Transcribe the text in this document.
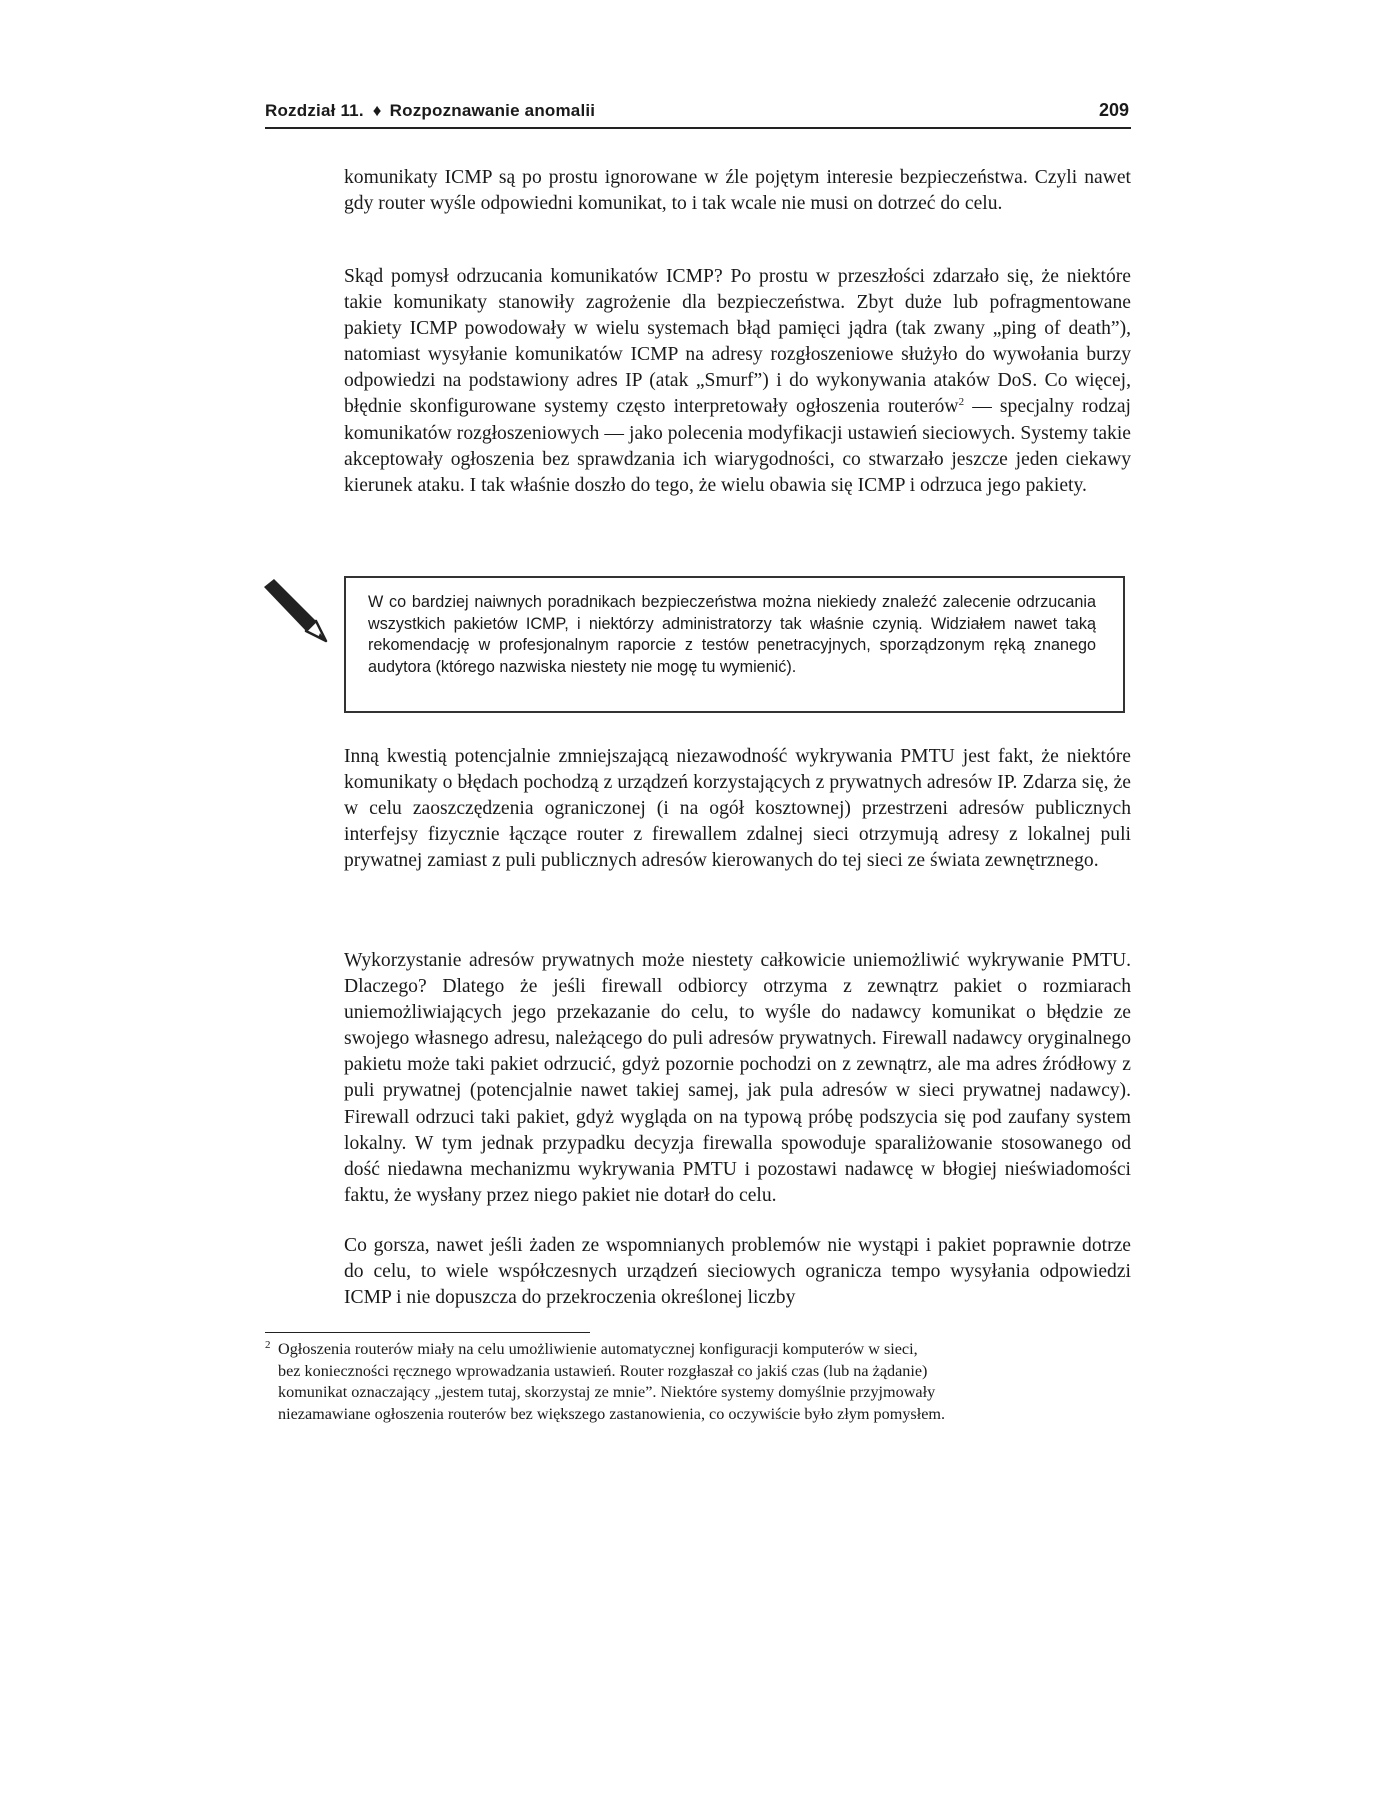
Rozdział 11. ♦ Rozpoznawanie anomalii	209

komunikaty ICMP są po prostu ignorowane w źle pojętym interesie bezpieczeństwa. Czyli nawet gdy router wyśle odpowiedni komunikat, to i tak wcale nie musi on dotrzeć do celu.

Skąd pomysł odrzucania komunikatów ICMP? Po prostu w przeszłości zdarzało się, że niektóre takie komunikaty stanowiły zagrożenie dla bezpieczeństwa. Zbyt duże lub pofragmentowane pakiety ICMP powodowały w wielu systemach błąd pamięci jądra (tak zwany „ping of death”), natomiast wysyłanie komunikatów ICMP na adresy rozgłoszeniowe służyło do wywołania burzy odpowiedzi na podstawiony adres IP (atak „Smurf”) i do wykonywania ataków DoS. Co więcej, błędnie skonfigurowane systemy często interpretowały ogłoszenia routerów$^2$ — specjalny rodzaj komunikatów rozgłoszeniowych — jako polecenia modyfikacji ustawień sieciowych. Systemy takie akceptowały ogłoszenia bez sprawdzania ich wiarygodności, co stwarzało jeszcze jeden ciekawy kierunek ataku. I tak właśnie doszło do tego, że wielu obawia się ICMP i odrzuca jego pakiety.

W co bardziej naiwnych poradnikach bezpieczeństwa można niekiedy znaleźć zalecenie odrzucania wszystkich pakietów ICMP, i niektórzy administratorzy tak właśnie czynią. Widziałem nawet taką rekomendację w profesjonalnym raporcie z testów penetracyjnych, sporządzonym ręką znanego audytora (którego nazwiska niestety nie mogę tu wymienić).

Inną kwestią potencjalnie zmniejszającą niezawodność wykrywania PMTU jest fakt, że niektóre komunikaty o błędach pochodzą z urządzeń korzystających z prywatnych adresów IP. Zdarza się, że w celu zaoszczędzenia ograniczonej (i na ogół kosztownej) przestrzeni adresów publicznych interfejsy fizycznie łączące router z firewallem zdalnej sieci otrzymują adresy z lokalnej puli prywatnej zamiast z puli publicznych adresów kierowanych do tej sieci ze świata zewnętrznego.

Wykorzystanie adresów prywatnych może niestety całkowicie uniemożliwić wykrywanie PMTU. Dlaczego? Dlatego że jeśli firewall odbiorcy otrzyma z zewnątrz pakiet o rozmiarach uniemożliwiających jego przekazanie do celu, to wyśle do nadawcy komunikat o błędzie ze swojego własnego adresu, należącego do puli adresów prywatnych. Firewall nadawcy oryginalnego pakietu może taki pakiet odrzucić, gdyż pozornie pochodzi on z zewnątrz, ale ma adres źródłowy z puli prywatnej (potencjalnie nawet takiej samej, jak pula adresów w sieci prywatnej nadawcy). Firewall odrzuci taki pakiet, gdyż wygląda on na typową próbę podszycia się pod zaufany system lokalny. W tym jednak przypadku decyzja firewalla spowoduje sparaliżowanie stosowanego od dość niedawna mechanizmu wykrywania PMTU i pozostawi nadawcę w błogiej nieświadomości faktu, że wysłany przez niego pakiet nie dotarł do celu.

Co gorsza, nawet jeśli żaden ze wspomnianych problemów nie wystąpi i pakiet poprawnie dotrze do celu, to wiele współczesnych urządzeń sieciowych ogranicza tempo wysyłania odpowiedzi ICMP i nie dopuszcza do przekroczenia określonej liczby

2 Ogłoszenia routerów miały na celu umożliwienie automatycznej konfiguracji komputerów w sieci,
bez konieczności ręcznego wprowadzania ustawień. Router rozgłaszał co jakiś czas (lub na żądanie)
komunikat oznaczający „jestem tutaj, skorzystaj ze mnie”. Niektóre systemy domyślnie przyjmowały
niezamawiane ogłoszenia routerów bez większego zastanowienia, co oczywiście było złym pomysłem.
